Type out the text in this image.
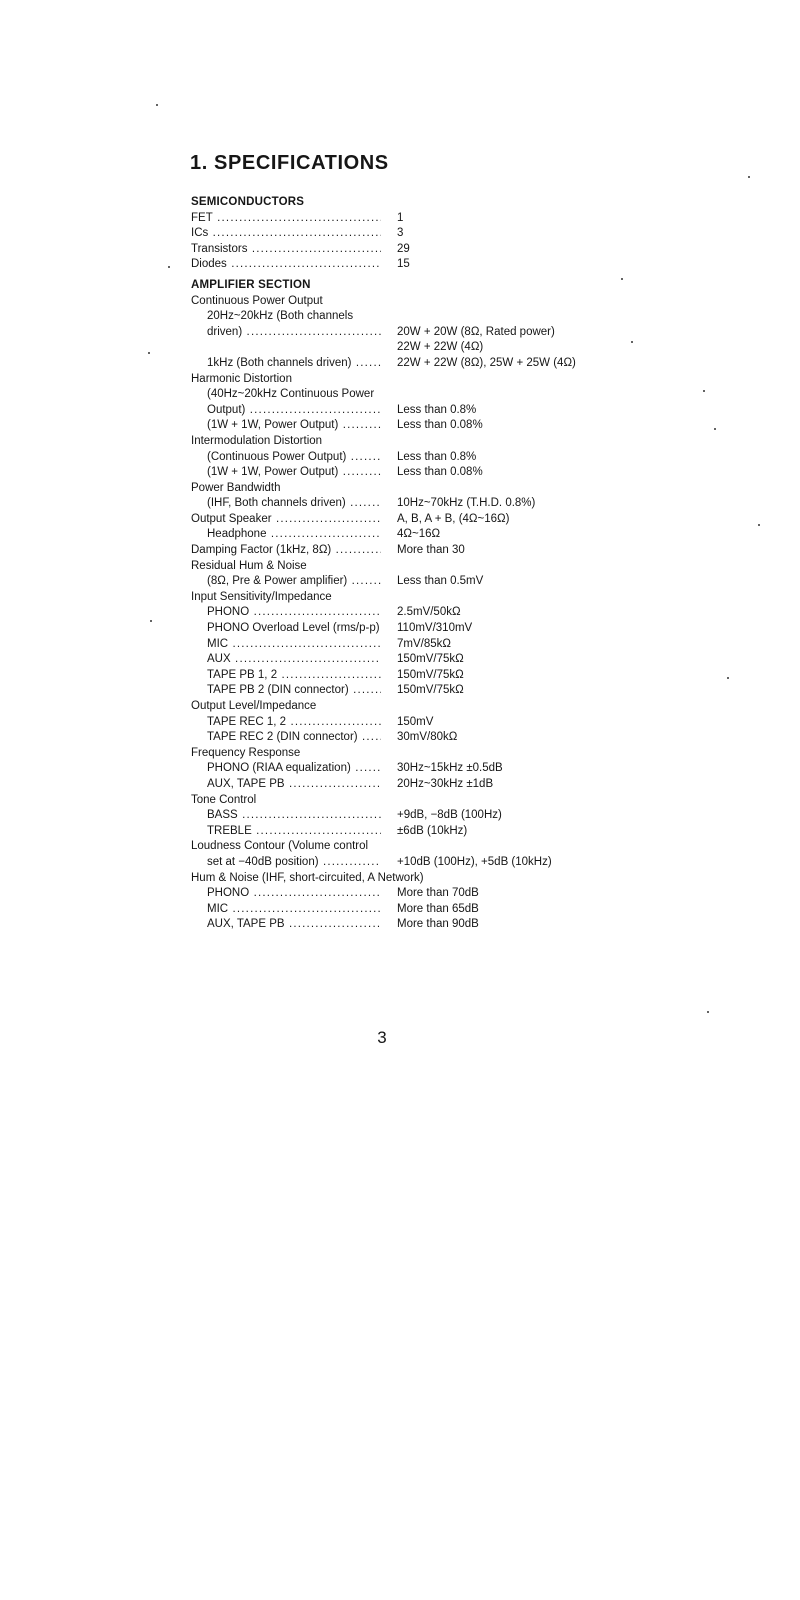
1. SPECIFICATIONS
SEMICONDUCTORS
FET .....	1
ICs .....	3
Transistors .....	29
Diodes .....	15
AMPLIFIER SECTION
Continuous Power Output
20Hz~20kHz (Both channels
driven) .....	20W + 20W (8Ω, Rated power)
22W + 22W (4Ω)
1kHz (Both channels driven) .....	22W + 22W (8Ω), 25W + 25W (4Ω)
Harmonic Distortion
(40Hz~20kHz Continuous Power
Output) .....	Less than 0.8%
(1W + 1W, Power Output) .....	Less than 0.08%
Intermodulation Distortion
(Continuous Power Output) .....	Less than 0.8%
(1W + 1W, Power Output) .....	Less than 0.08%
Power Bandwidth
(IHF, Both channels driven) .....	10Hz~70kHz (T.H.D. 0.8%)
Output Speaker .....	A, B, A + B, (4Ω~16Ω)
Headphone .....	4Ω~16Ω
Damping Factor (1kHz, 8Ω) .....	More than 30
Residual Hum & Noise
(8Ω, Pre & Power amplifier) .....	Less than 0.5mV
Input Sensitivity/Impedance
PHONO .....	2.5mV/50kΩ
PHONO Overload Level (rms/p-p) 110mV/310mV
MIC .....	7mV/85kΩ
AUX .....	150mV/75kΩ
TAPE PB 1, 2 .....	150mV/75kΩ
TAPE PB 2 (DIN connector) .....	150mV/75kΩ
Output Level/Impedance
TAPE REC 1, 2 .....	150mV
TAPE REC 2 (DIN connector) .....	30mV/80kΩ
Frequency Response
PHONO (RIAA equalization) .....	30Hz~15kHz ±0.5dB
AUX, TAPE PB .....	20Hz~30kHz ±1dB
Tone Control
BASS .....	+9dB, −8dB (100Hz)
TREBLE .....	±6dB (10kHz)
Loudness Contour (Volume control
set at −40dB position) .....	+10dB (100Hz), +5dB (10kHz)
Hum & Noise (IHF, short-circuited, A Network)
PHONO .....	More than 70dB
MIC .....	More than 65dB
AUX, TAPE PB .....	More than 90dB
3
